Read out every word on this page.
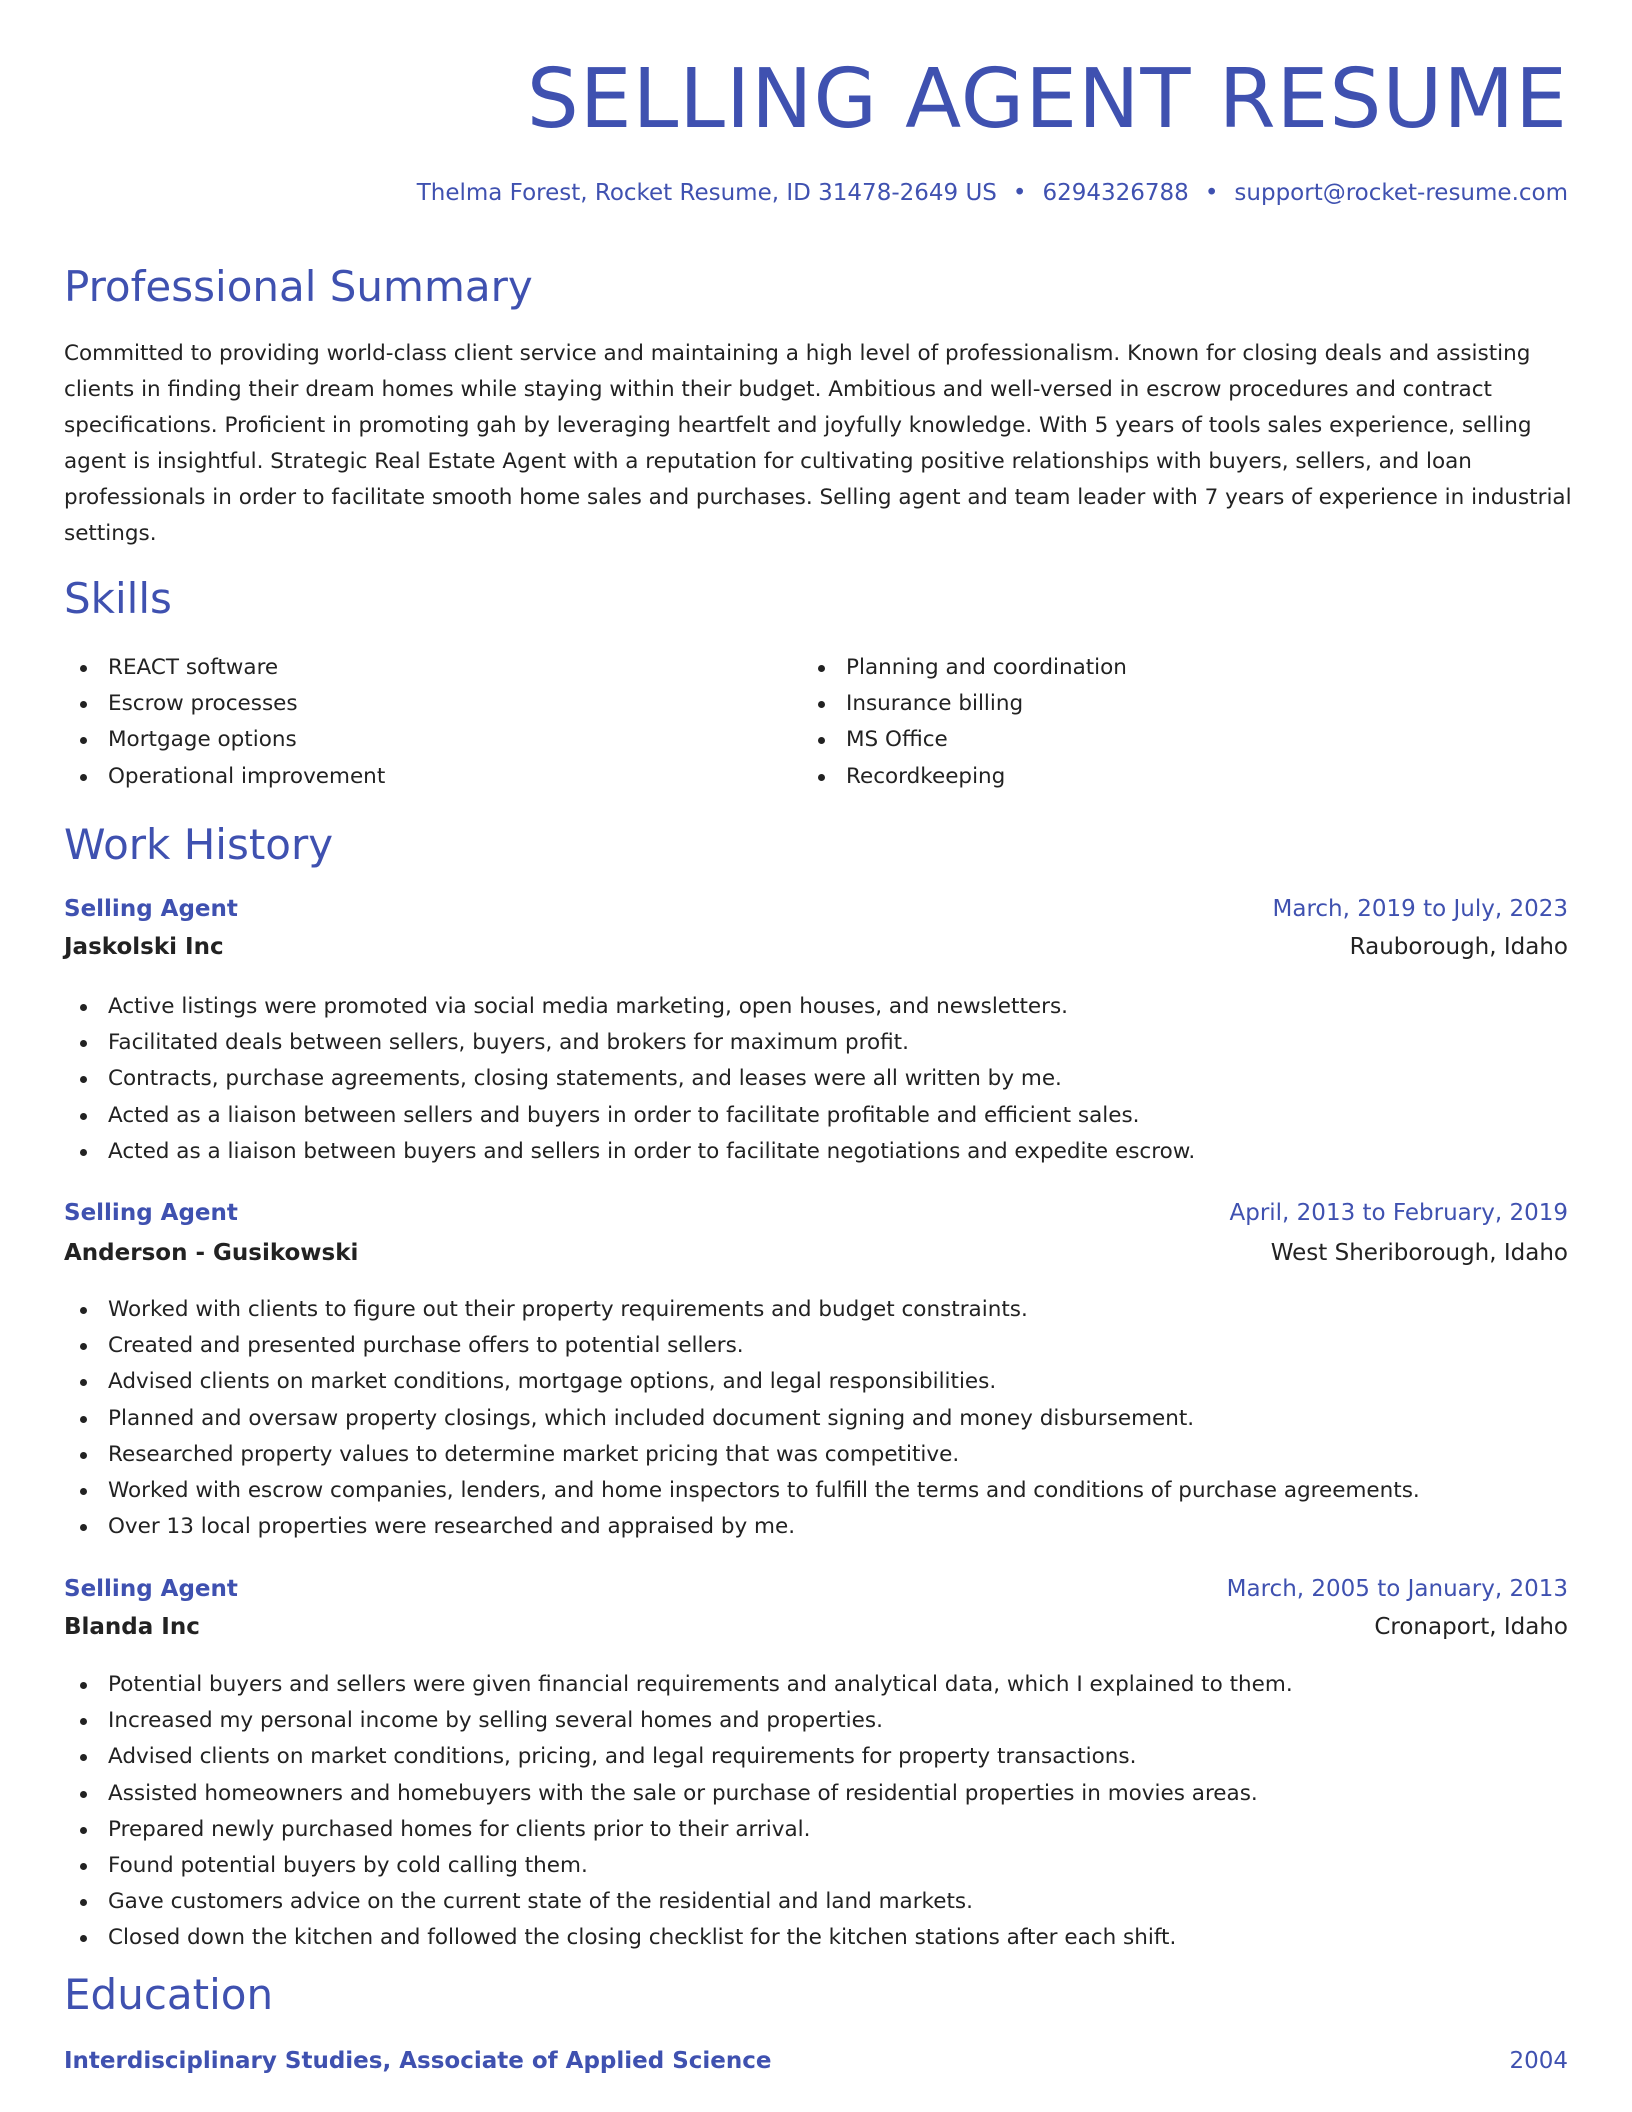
SELLING AGENT RESUME
Thelma Forest, Rocket Resume, ID 31478-2649 US • 6294326788 • support@rocket-resume.com
Professional Summary

Committed to providing world-class client service and maintaining a high level of professionalism. Known for closing deals and assisting clients in finding their dream homes while staying within their budget. Ambitious and well-versed in escrow procedures and contract specifications. Proficient in promoting gah by leveraging heartfelt and joyfully knowledge. With 5 years of tools sales experience, selling agent is insightful. Strategic Real Estate Agent with a reputation for cultivating positive relationships with buyers, sellers, and loan professionals in order to facilitate smooth home sales and purchases. Selling agent and team leader with 7 years of experience in industrial settings.

Skills
REACT software
Escrow processes
Mortgage options
Operational improvement
Planning and coordination
Insurance billing
MS Office
Recordkeeping
Work History
Selling Agent	March, 2019 to July, 2023
Jaskolski Inc	Rauborough, Idaho
Active listings were promoted via social media marketing, open houses, and newsletters.
Facilitated deals between sellers, buyers, and brokers for maximum profit.
Contracts, purchase agreements, closing statements, and leases were all written by me.
Acted as a liaison between sellers and buyers in order to facilitate profitable and efficient sales.
Acted as a liaison between buyers and sellers in order to facilitate negotiations and expedite escrow.
Selling Agent	April, 2013 to February, 2019
Anderson - Gusikowski	West Sheriborough, Idaho
Worked with clients to figure out their property requirements and budget constraints.
Created and presented purchase offers to potential sellers.
Advised clients on market conditions, mortgage options, and legal responsibilities.
Planned and oversaw property closings, which included document signing and money disbursement.
Researched property values to determine market pricing that was competitive.
Worked with escrow companies, lenders, and home inspectors to fulfill the terms and conditions of purchase agreements.
Over 13 local properties were researched and appraised by me.
Selling Agent	March, 2005 to January, 2013
Blanda Inc	Cronaport, Idaho
Potential buyers and sellers were given financial requirements and analytical data, which I explained to them.
Increased my personal income by selling several homes and properties.
Advised clients on market conditions, pricing, and legal requirements for property transactions.
Assisted homeowners and homebuyers with the sale or purchase of residential properties in movies areas.
Prepared newly purchased homes for clients prior to their arrival.
Found potential buyers by cold calling them.
Gave customers advice on the current state of the residential and land markets.
Closed down the kitchen and followed the closing checklist for the kitchen stations after each shift.
Education
Interdisciplinary Studies, Associate of Applied Science	2004
